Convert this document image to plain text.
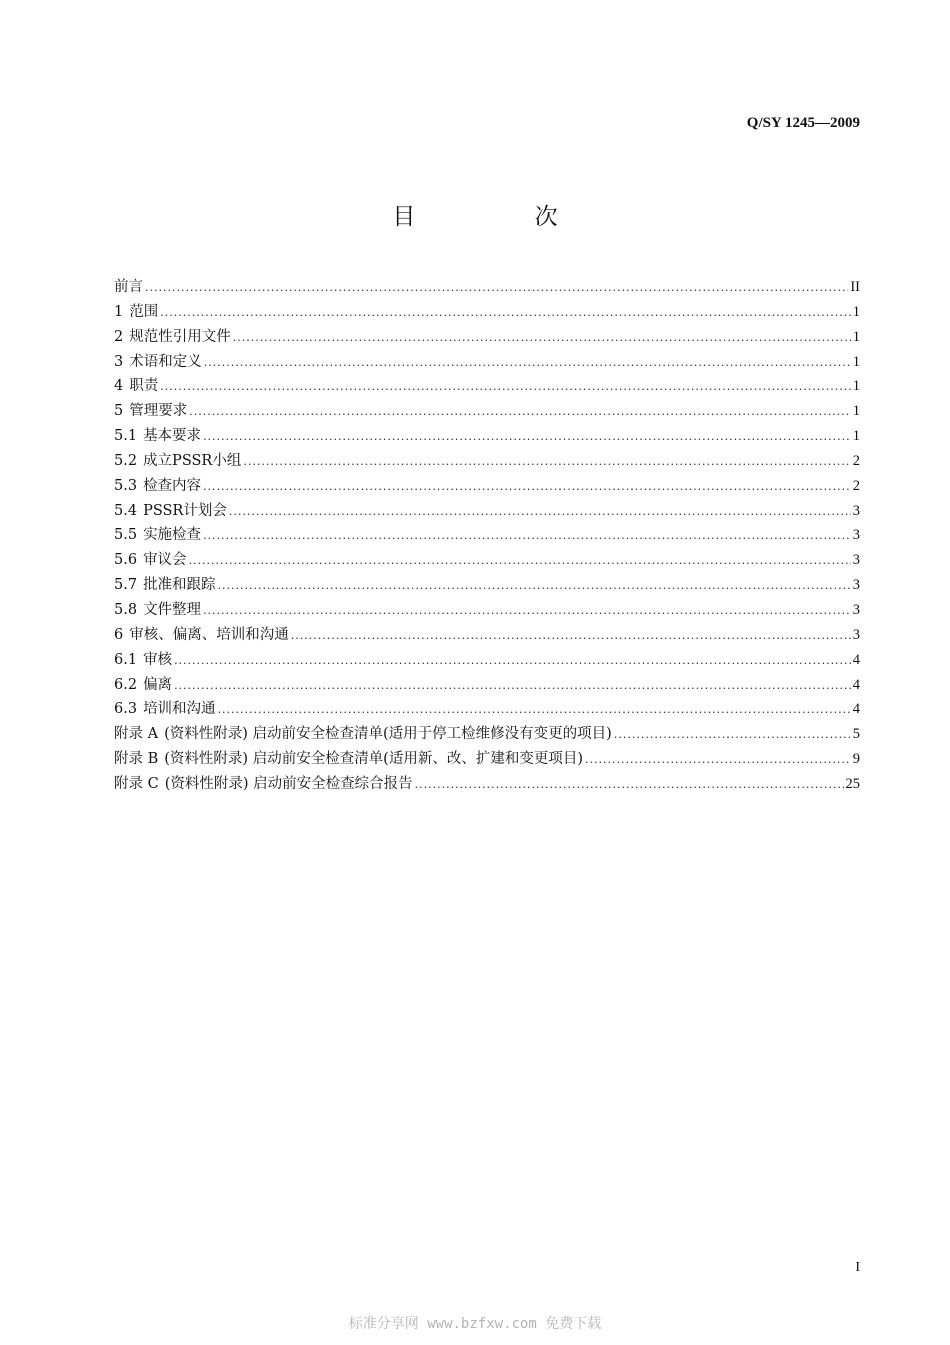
Q/SY 1245—2009
目 次
前言 .....	II
1 范围 .....	1
2 规范性引用文件 .....	1
3 术语和定义 .....	1
4 职责 .....	1
5 管理要求 .....	1
5.1 基本要求 .....	1
5.2 成立PSSR小组 .....	2
5.3 检查内容 .....	2
5.4 PSSR计划会 .....	3
5.5 实施检查 .....	3
5.6 审议会 .....	3
5.7 批准和跟踪 .....	3
5.8 文件整理 .....	3
6 审核、偏离、培训和沟通 .....	3
6.1 审核 .....	4
6.2 偏离 .....	4
6.3 培训和沟通 .....	4
附录 A (资料性附录) 启动前安全检查清单(适用于停工检维修没有变更的项目) .....	5
附录 B (资料性附录) 启动前安全检查清单(适用新、改、扩建和变更项目) .....	9
附录 C (资料性附录) 启动前安全检查综合报告 .....	25
I
标准分享网 www.bzfxw.com 免费下载
